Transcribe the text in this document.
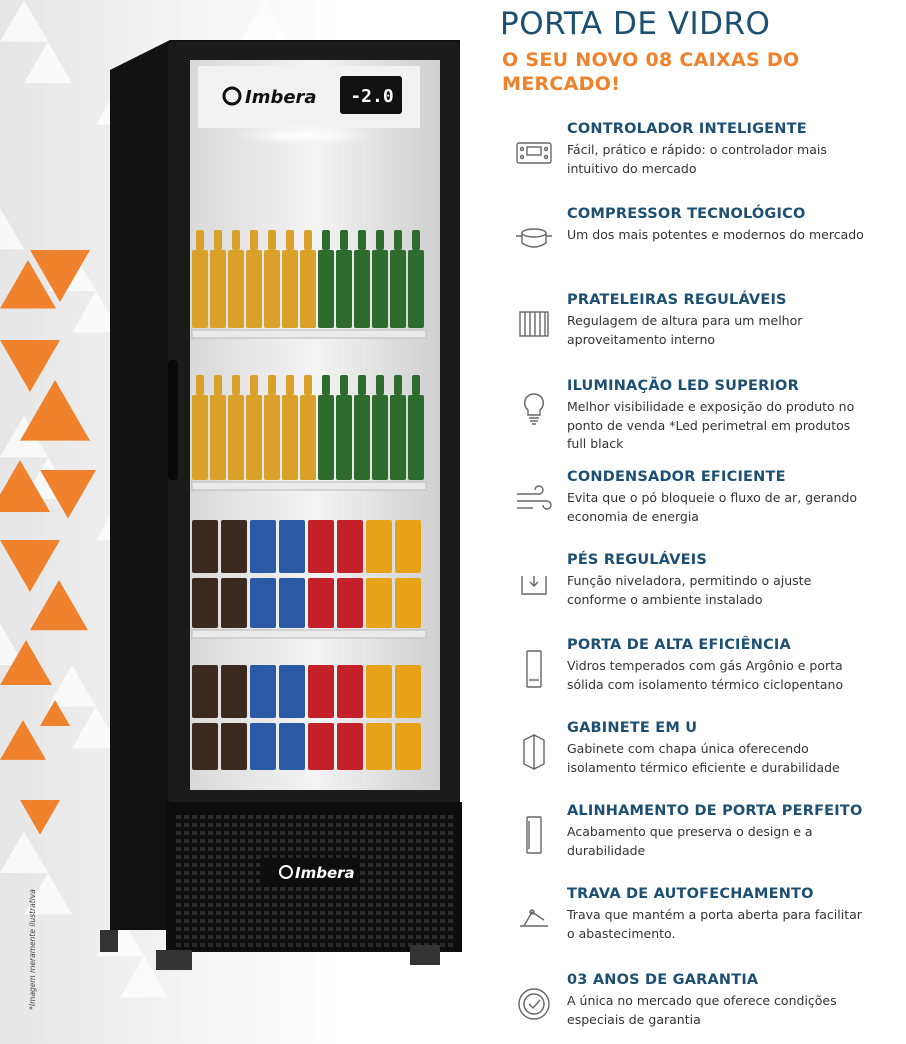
-2.0
Imbera
Imbera
*Imagem meramente ilustrativa
PORTA DE VIDRO
O SEU NOVO 08 CAIXAS DO MERCADO!
CONTROLADOR INTELIGENTE
Fácil, prático e rápido: o controlador mais intuitivo do mercado
COMPRESSOR TECNOLÓGICO
Um dos mais potentes e modernos do mercado
PRATELEIRAS REGULÁVEIS
Regulagem de altura para um melhor aproveitamento interno
ILUMINAÇÃO LED SUPERIOR
Melhor visibilidade e exposição do produto no ponto de venda *Led perimetral em produtos full black
CONDENSADOR EFICIENTE
Evita que o pó bloqueie o fluxo de ar, gerando economia de energia
PÉS REGULÁVEIS
Função niveladora, permitindo o ajuste conforme o ambiente instalado
PORTA DE ALTA EFICIÊNCIA
Vidros temperados com gás Argônio e porta sólida com isolamento térmico ciclopentano
GABINETE EM U
Gabinete com chapa única oferecendo isolamento térmico eficiente e durabilidade
ALINHAMENTO DE PORTA PERFEITO
Acabamento que preserva o design e a durabilidade
TRAVA DE AUTOFECHAMENTO
Trava que mantém a porta aberta para facilitar o abastecimento.
03 ANOS DE GARANTIA
A única no mercado que oferece condições especiais de garantia
